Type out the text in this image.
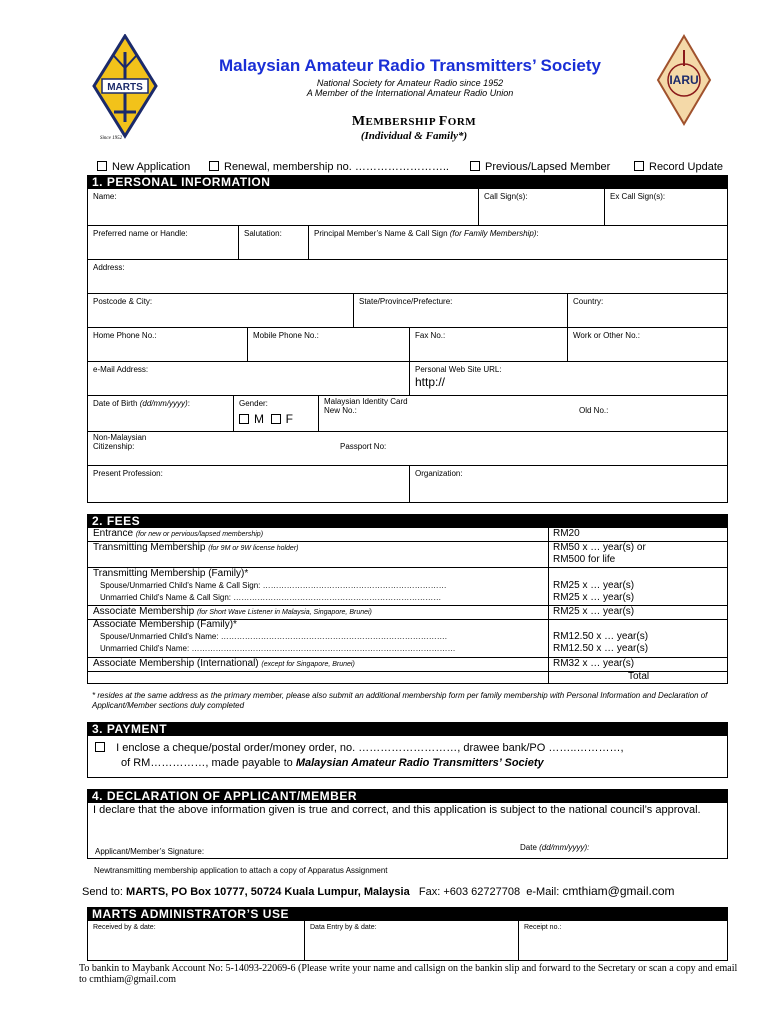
MARTS
Since 1952
IARU
Malaysian Amateur Radio Transmitters’ Society
National Society for Amateur Radio since 1952
A Member of the International Amateur Radio Union
MEMBERSHIP FORM
(Individual & Family*)
New Application	Renewal, membership no. ……………………..	Previous/Lapsed Member	Record Update
1. PERSONAL INFORMATION
Name:	Call Sign(s):	Ex Call Sign(s):
Preferred name or Handle:	Salutation:	Principal Member’s Name & Call Sign (for Family Membership):
Address:
Postcode & City:	State/Province/Prefecture:	Country:
Home Phone No.:	Mobile Phone No.:	Fax No.:	Work or Other No.:
e-Mail Address:	Personal Web Site URL:
http://
Date of Birth (dd/mm/yyyy):	Gender:
M F
Malaysian Identity Card
New No.:	Old No.:
Non-Malaysian
Citizenship:	Passport No:
Present Profession:	Organization:
2. FEES
Entrance (for new or pervious/lapsed membership)	RM20
Transmitting Membership (for 9M or 9W license holder)	RM50 x … year(s) or
RM500 for life
Transmitting Membership (Family)*
Spouse/Unmarried Child’s Name & Call Sign: ……………………………………………………………	RM25 x … year(s)
Unmarried Child’s Name & Call Sign: ……………………………………………………………………	RM25 x … year(s)
Associate Membership (for Short Wave Listener in Malaysia, Singapore, Brunei)	RM25 x … year(s)
Associate Membership (Family)*
Spouse/Unmarried Child’s Name: ………………………………………………………………………….	RM12.50 x … year(s)
Unmarried Child’s Name: ………………………………………………………………………………………	RM12.50 x … year(s)
Associate Membership (International) (except for Singapore, Brunei)	RM32 x … year(s)
Total
* resides at the same address as the primary member, please also submit an additional membership form per family membership with Personal Information and Declaration of Applicant/Member sections duly completed
3. PAYMENT
I enclose a cheque/postal order/money order, no. ………………………, drawee bank/PO ……..…………,
of RM……………, made payable to Malaysian Amateur Radio Transmitters’ Society
4. DECLARATION OF APPLICANT/MEMBER
I declare that the above information given is true and correct, and this application is subject to the national council’s approval.
Applicant/Member’s Signature:	Date (dd/mm/yyyy):
Newtransmitting membership application to attach a copy of Apparatus Assignment
Send to: MARTS, PO Box 10777, 50724 Kuala Lumpur, Malaysia Fax: +603 62727708 e-Mail: cmthiam@gmail.com
MARTS ADMINISTRATOR’S USE
Received by & date:	Data Entry by & date:	Receipt no.:
To bankin to Maybank Account No: 5-14093-22069-6 (Please write your name and callsign on the bankin slip and forward to the Secretary or scan a copy and email to cmthiam@gmail.com
